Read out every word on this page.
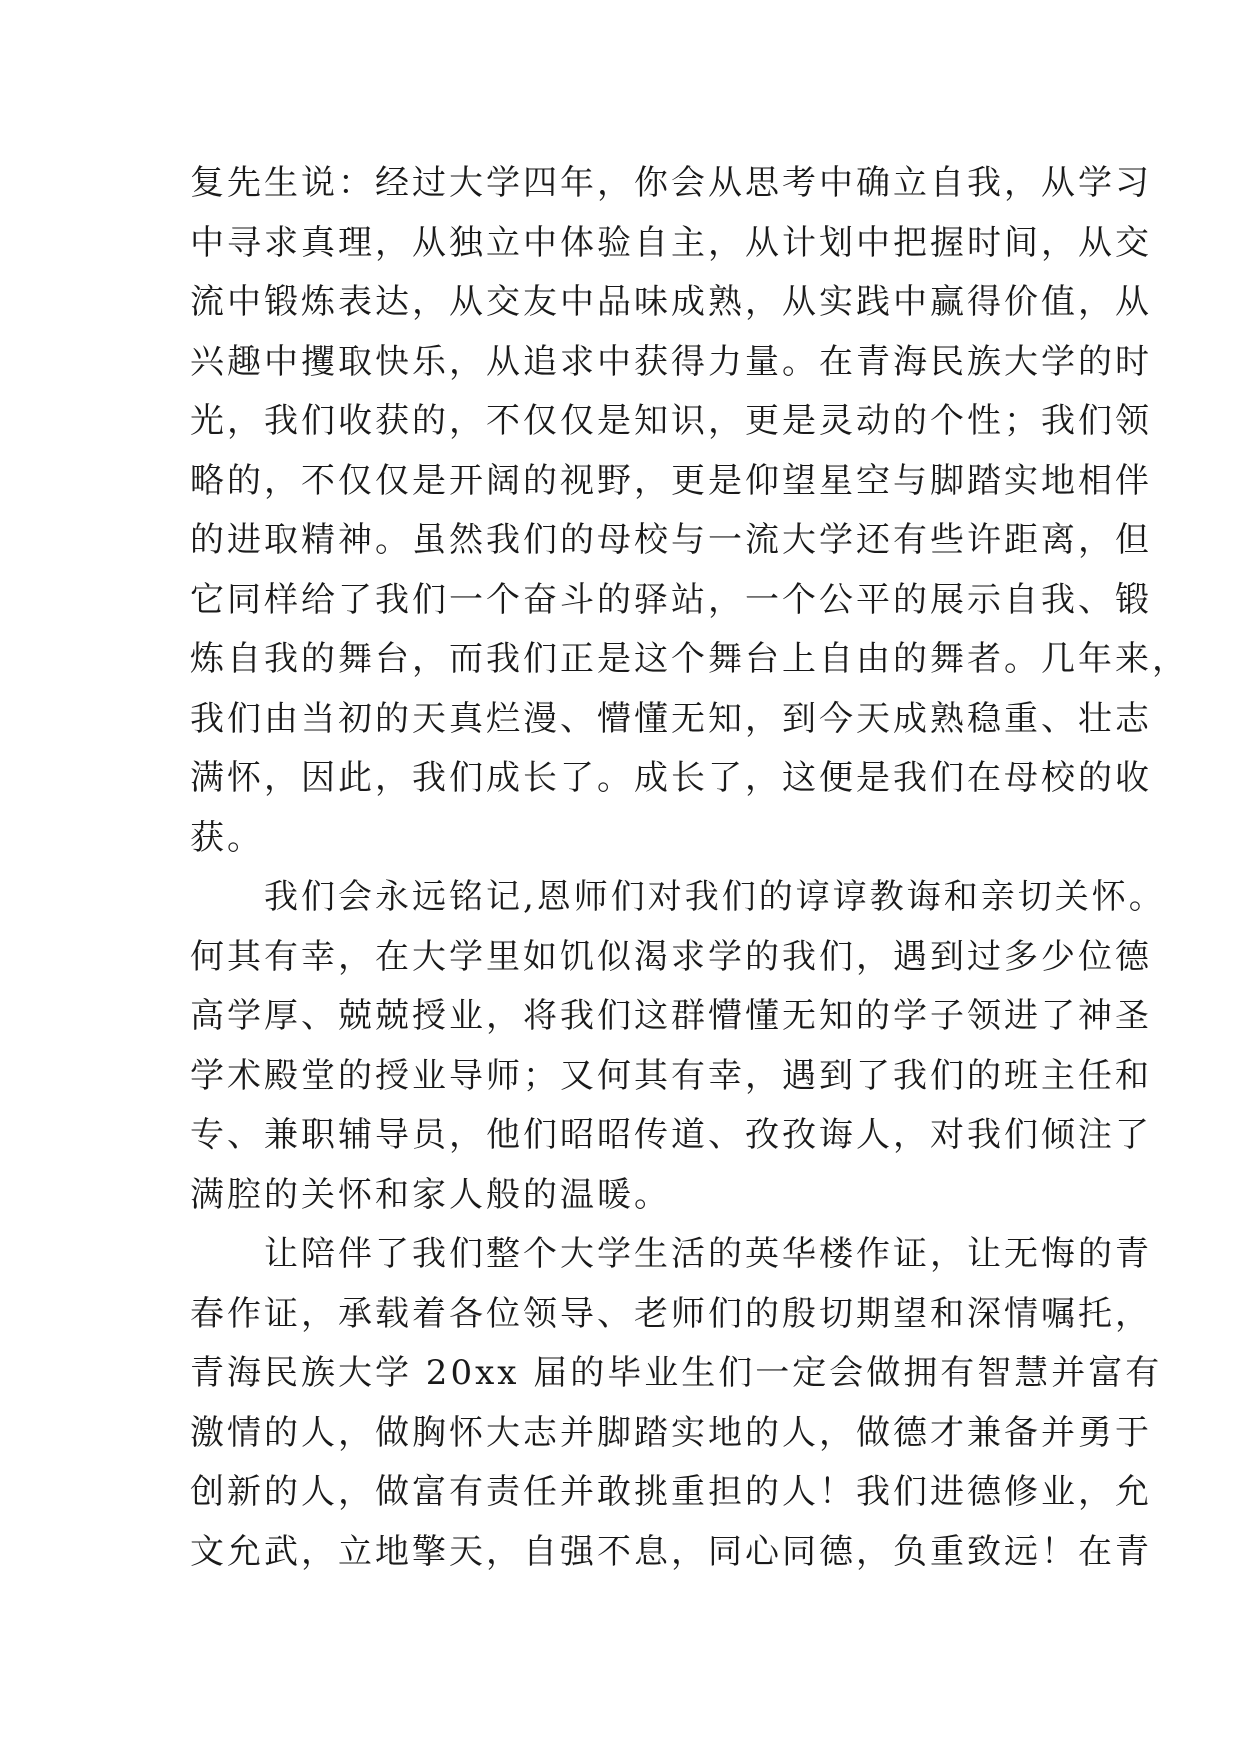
复先生说：经过大学四年，你会从思考中确立自我，从学习
中寻求真理，从独立中体验自主，从计划中把握时间，从交
流中锻炼表达，从交友中品味成熟，从实践中赢得价值，从
兴趣中攫取快乐，从追求中获得力量。在青海民族大学的时
光，我们收获的，不仅仅是知识，更是灵动的个性；我们领
略的，不仅仅是开阔的视野，更是仰望星空与脚踏实地相伴
的进取精神。虽然我们的母校与一流大学还有些许距离，但
它同样给了我们一个奋斗的驿站，一个公平的展示自我、锻
炼自我的舞台，而我们正是这个舞台上自由的舞者。几年来，
我们由当初的天真烂漫、懵懂无知，到今天成熟稳重、壮志
满怀，因此，我们成长了。成长了，这便是我们在母校的收
获。
　　我们会永远铭记,恩师们对我们的谆谆教诲和亲切关怀。
何其有幸，在大学里如饥似渴求学的我们，遇到过多少位德
高学厚、兢兢授业，将我们这群懵懂无知的学子领进了神圣
学术殿堂的授业导师；又何其有幸，遇到了我们的班主任和
专、兼职辅导员，他们昭昭传道、孜孜诲人，对我们倾注了
满腔的关怀和家人般的温暖。
　　让陪伴了我们整个大学生活的英华楼作证，让无悔的青
春作证，承载着各位领导、老师们的殷切期望和深情嘱托，
青海民族大学 20xx 届的毕业生们一定会做拥有智慧并富有
激情的人，做胸怀大志并脚踏实地的人，做德才兼备并勇于
创新的人，做富有责任并敢挑重担的人！我们进德修业，允
文允武，立地擎天，自强不息，同心同德，负重致远！在青
